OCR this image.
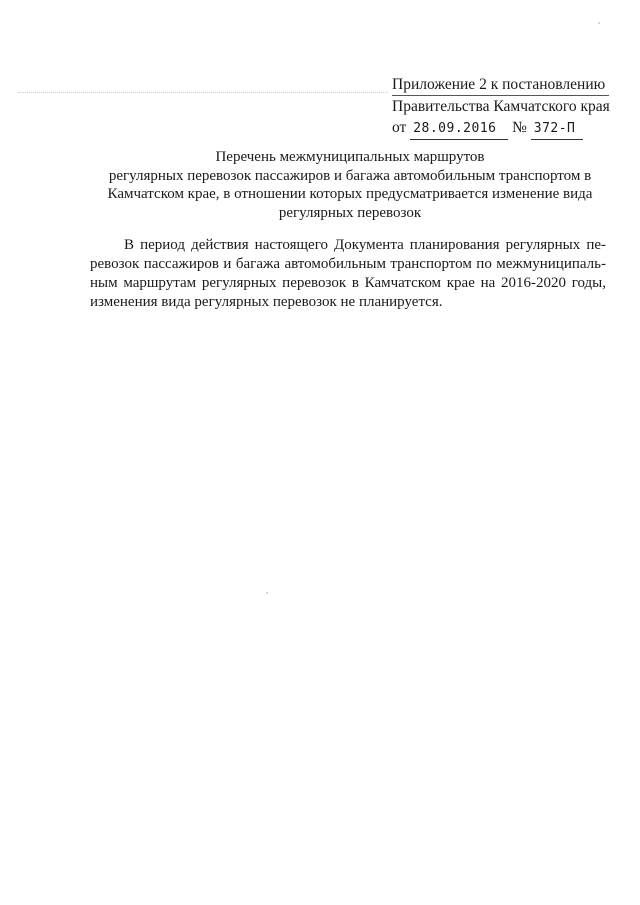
Приложение 2 к постановлению
Правительства Камчатского края
от 28.09.2016 № 372-П
Перечень межмуниципальных маршрутов
регулярных перевозок пассажиров и багажа автомобильным транспортом в
Камчатском крае, в отношении которых предусматривается изменение вида
регулярных перевозок
В период действия настоящего Документа планирования регулярных пе-
ревозок пассажиров и багажа автомобильным транспортом по межмуниципаль-
ным маршрутам регулярных перевозок в Камчатском крае на 2016-2020 годы,
изменения вида регулярных перевозок не планируется.
